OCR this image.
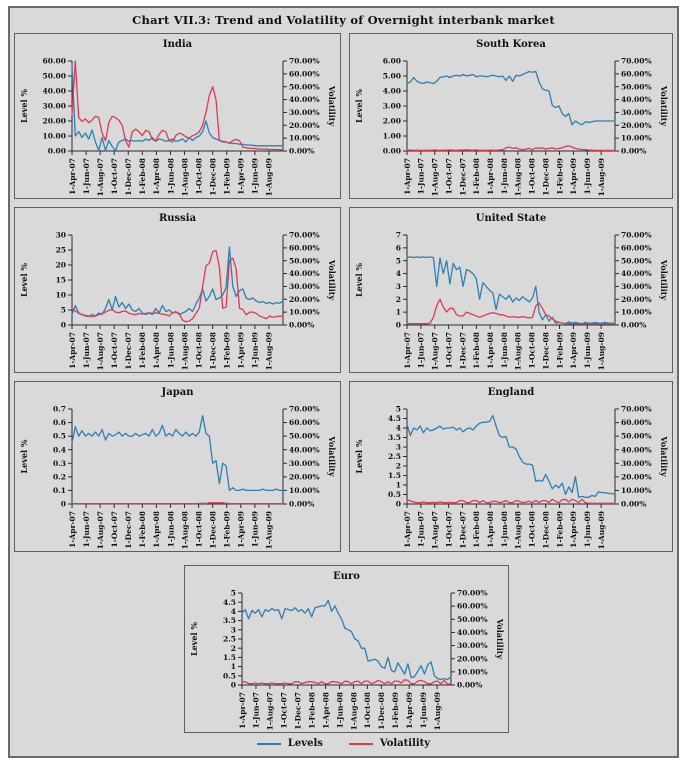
Chart VII.3: Trend and Volatility of Overnight interbank market
India
0.00
10.00
20.00
30.00
40.00
50.00
60.00
0.00%
10.00%
20.00%
30.00%
40.00%
50.00%
60.00%
70.00%
1-Apr-07 1-Jun-07 1-Aug-07 1-Oct-07 1-Dec-07 1-Feb-08 1-Apr-08 1-Jun-08 1-Aug-08 1-Oct-08 1-Dec-08 1-Feb-09 1-Apr-09 1-Jun-09 1-Aug-09
Level %	Volatility
South Korea
0.00
1.00
2.00
3.00
4.00
5.00
6.00
0.00%
10.00%
20.00%
30.00%
40.00%
50.00%
60.00%
70.00%
1-Apr-07 1-Jun-07 1-Aug-07 1-Oct-07 1-Dec-07 1-Feb-08 1-Apr-08 1-Jun-08 1-Aug-08 1-Oct-08 1-Dec-08 1-Feb-09 1-Apr-09 1-Jun-09 1-Aug-09
Level %	Volatility
Russia
0
5
10
15
20
25
30
0.00%
10.00%
20.00%
30.00%
40.00%
50.00%
60.00%
70.00%
1-Apr-07 1-Jun-07 1-Aug-07 1-Oct-07 1-Dec-07 1-Feb-08 1-Apr-08 1-Jun-08 1-Aug-08 1-Oct-08 1-Dec-08 1-Feb-09 1-Apr-09 1-Jun-09 1-Aug-09
Level %	Volatility
United State
0
1
2
3
4
5
6
7
0.00%
10.00%
20.00%
30.00%
40.00%
50.00%
60.00%
70.00%
1-Apr-07 1-Jun-07 1-Aug-07 1-Oct-07 1-Dec-07 1-Feb-08 1-Apr-08 1-Jun-08 1-Aug-08 1-Oct-08 1-Dec-08 1-Feb-09 1-Apr-09 1-Jun-09 1-Aug-09
Level %	Volatility
Japan
0
0.1
0.2
0.3
0.4
0.5
0.6
0.7
0.00%
10.00%
20.00%
30.00%
40.00%
50.00%
60.00%
70.00%
1-Apr-07 1-Jun-07 1-Aug-07 1-Oct-07 1-Dec-07 1-Feb-08 1-Apr-08 1-Jun-08 1-Aug-08 1-Oct-08 1-Dec-08 1-Feb-09 1-Apr-09 1-Jun-09 1-Aug-09
Level %	Volatility
England
0
0.5
1
1.5
2
2.5
3
3.5
4
4.5
5
0.00%
10.00%
20.00%
30.00%
40.00%
50.00%
60.00%
70.00%
1-Apr-07 1-Jun-07 1-Aug-07 1-Oct-07 1-Dec-07 1-Feb-08 1-Apr-08 1-Jun-08 1-Aug-08 1-Oct-08 1-Dec-08 1-Feb-09 1-Apr-09 1-Jun-09 1-Aug-09
Level %	Volatility
Euro
0
0.5
1
1.5
2
2.5
3
3.5
4
4.5
5
0.00%
10.00%
20.00%
30.00%
40.00%
50.00%
60.00%
70.00%
1-Apr-07 1-Jun-07 1-Aug-07 1-Oct-07 1-Dec-07 1-Feb-08 1-Apr-08 1-Jun-08 1-Aug-08 1-Oct-08 1-Dec-08 1-Feb-09 1-Apr-09 1-Jun-09 1-Aug-09
Level %	Volatility
Levels	Volatility
